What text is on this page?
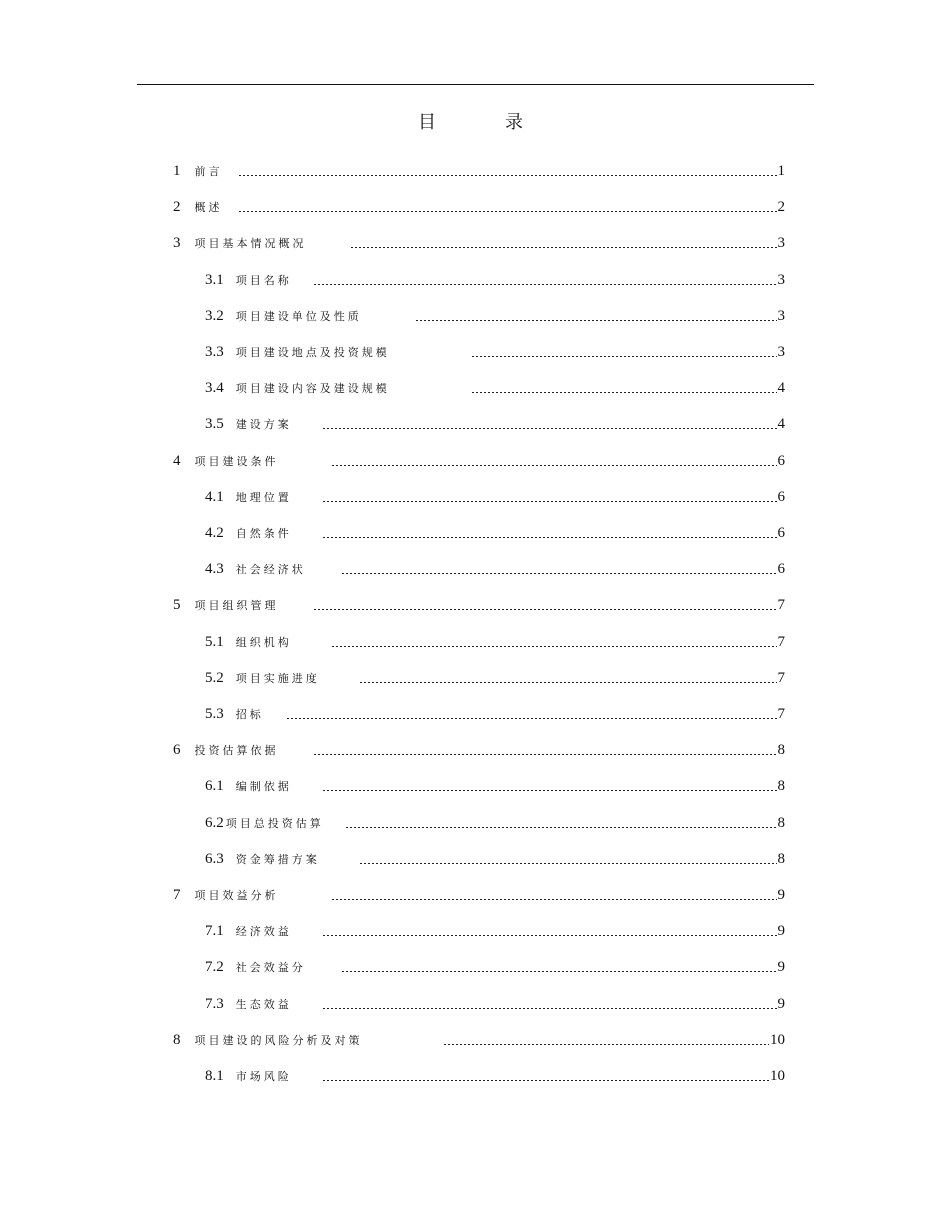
目	录
1 前言	1
2 概述	2
3 项目基本情况概况	3
3.1 项目名称	3
3.2 项目建设单位及性质	3
3.3 项目建设地点及投资规模	3
3.4 项目建设内容及建设规模	4
3.5 建设方案	4
4 项目建设条件	6
4.1 地理位置	6
4.2 自然条件	6
4.3 社会经济状	6
5 项目组织管理	7
5.1 组织机构	7
5.2 项目实施进度	7
5.3 招标	7
6 投资估算依据	8
6.1 编制依据	8
6.2 项目总投资估算	8
6.3 资金筹措方案	8
7 项目效益分析	9
7.1 经济效益	9
7.2 社会效益分	9
7.3 生态效益	9
8 项目建设的风险分析及对策	10
8.1 市场风险	10
